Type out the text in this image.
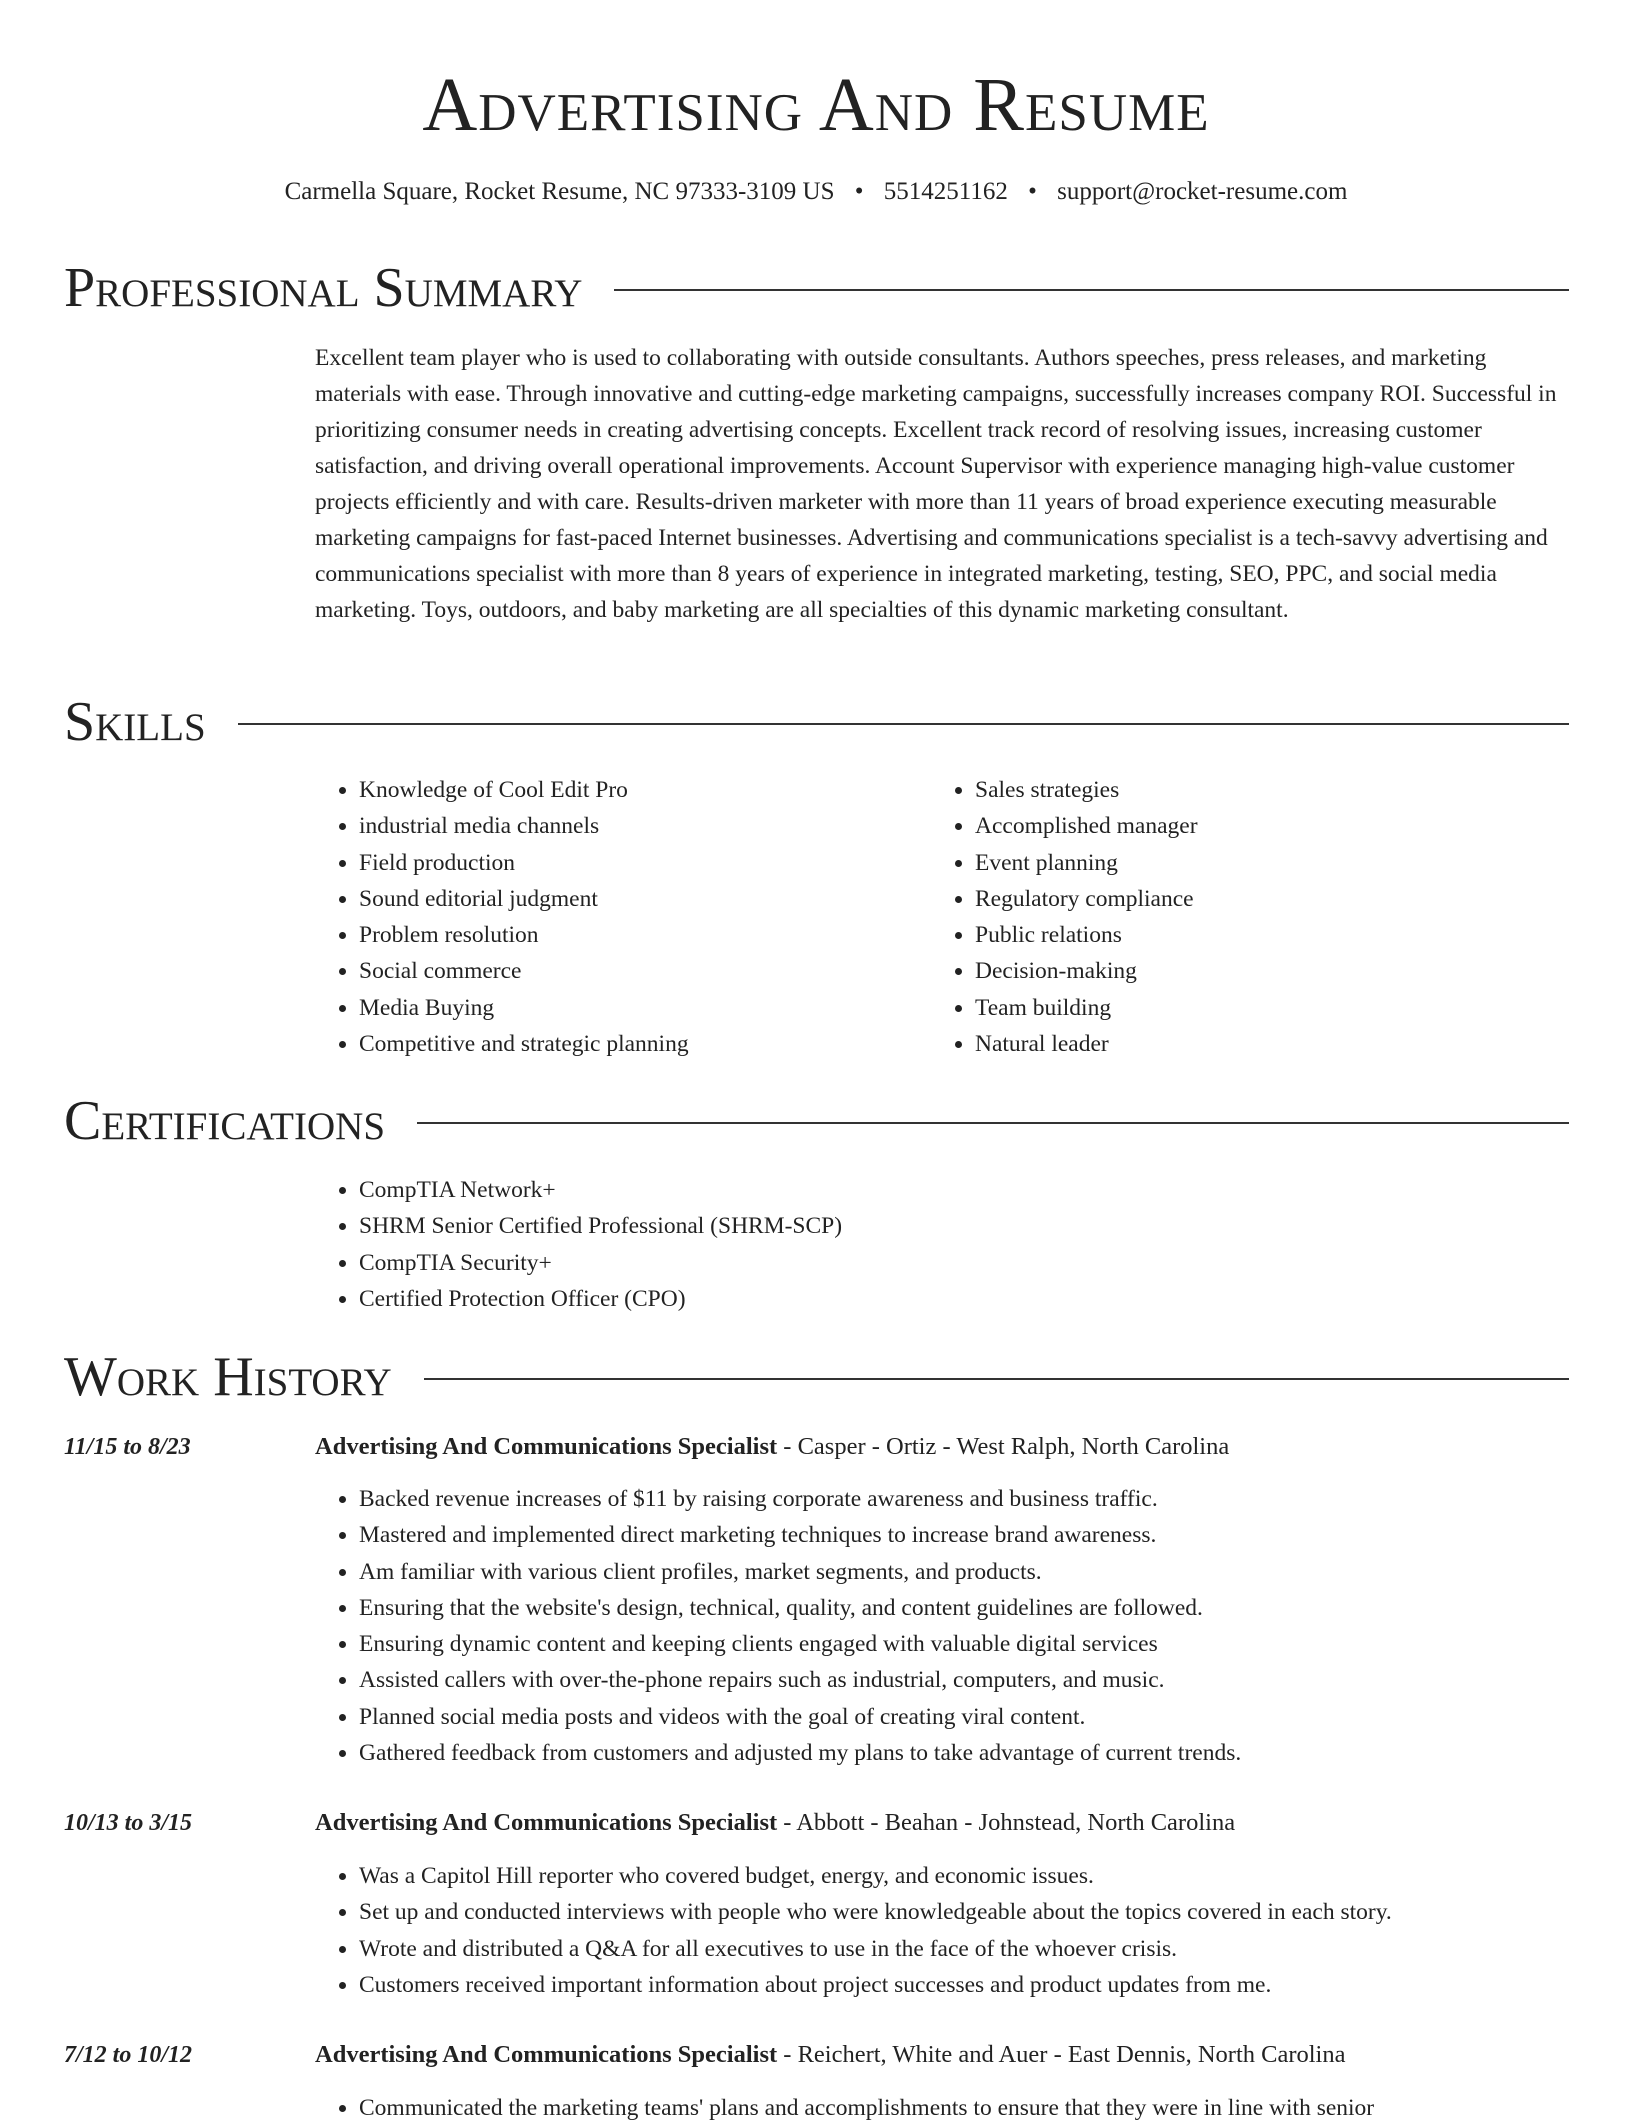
Advertising And Resume
Carmella Square, Rocket Resume, NC 97333-3109 US • 5514251162 • support@rocket-resume.com
Professional Summary

Excellent team player who is used to collaborating with outside consultants. Authors speeches, press releases, and marketing materials with ease. Through innovative and cutting-edge marketing campaigns, successfully increases company ROI. Successful in prioritizing consumer needs in creating advertising concepts. Excellent track record of resolving issues, increasing customer satisfaction, and driving overall operational improvements. Account Supervisor with experience managing high-value customer projects efficiently and with care. Results-driven marketer with more than 11 years of broad experience executing measurable marketing campaigns for fast-paced Internet businesses. Advertising and communications specialist is a tech-savvy advertising and communications specialist with more than 8 years of experience in integrated marketing, testing, SEO, PPC, and social media marketing. Toys, outdoors, and baby marketing are all specialties of this dynamic marketing consultant.

Skills
• Knowledge of Cool Edit Pro
• industrial media channels
• Field production
• Sound editorial judgment
• Problem resolution
• Social commerce
• Media Buying
• Competitive and strategic planning
• Sales strategies
• Accomplished manager
• Event planning
• Regulatory compliance
• Public relations
• Decision-making
• Team building
• Natural leader
Certifications
• CompTIA Network+
• SHRM Senior Certified Professional (SHRM-SCP)
• CompTIA Security+
• Certified Protection Officer (CPO)
Work History
11/15 to 8/23	Advertising And Communications Specialist - Casper - Ortiz - West Ralph, North Carolina
• Backed revenue increases of $11 by raising corporate awareness and business traffic.
• Mastered and implemented direct marketing techniques to increase brand awareness.
• Am familiar with various client profiles, market segments, and products.
• Ensuring that the website's design, technical, quality, and content guidelines are followed.
• Ensuring dynamic content and keeping clients engaged with valuable digital services
• Assisted callers with over-the-phone repairs such as industrial, computers, and music.
• Planned social media posts and videos with the goal of creating viral content.
• Gathered feedback from customers and adjusted my plans to take advantage of current trends.
10/13 to 3/15	Advertising And Communications Specialist - Abbott - Beahan - Johnstead, North Carolina
• Was a Capitol Hill reporter who covered budget, energy, and economic issues.
• Set up and conducted interviews with people who were knowledgeable about the topics covered in each story.
• Wrote and distributed a Q&A for all executives to use in the face of the whoever crisis.
• Customers received important information about project successes and product updates from me.
7/12 to 10/12	Advertising And Communications Specialist - Reichert, White and Auer - East Dennis, North Carolina
• Communicated the marketing teams' plans and accomplishments to ensure that they were in line with senior
